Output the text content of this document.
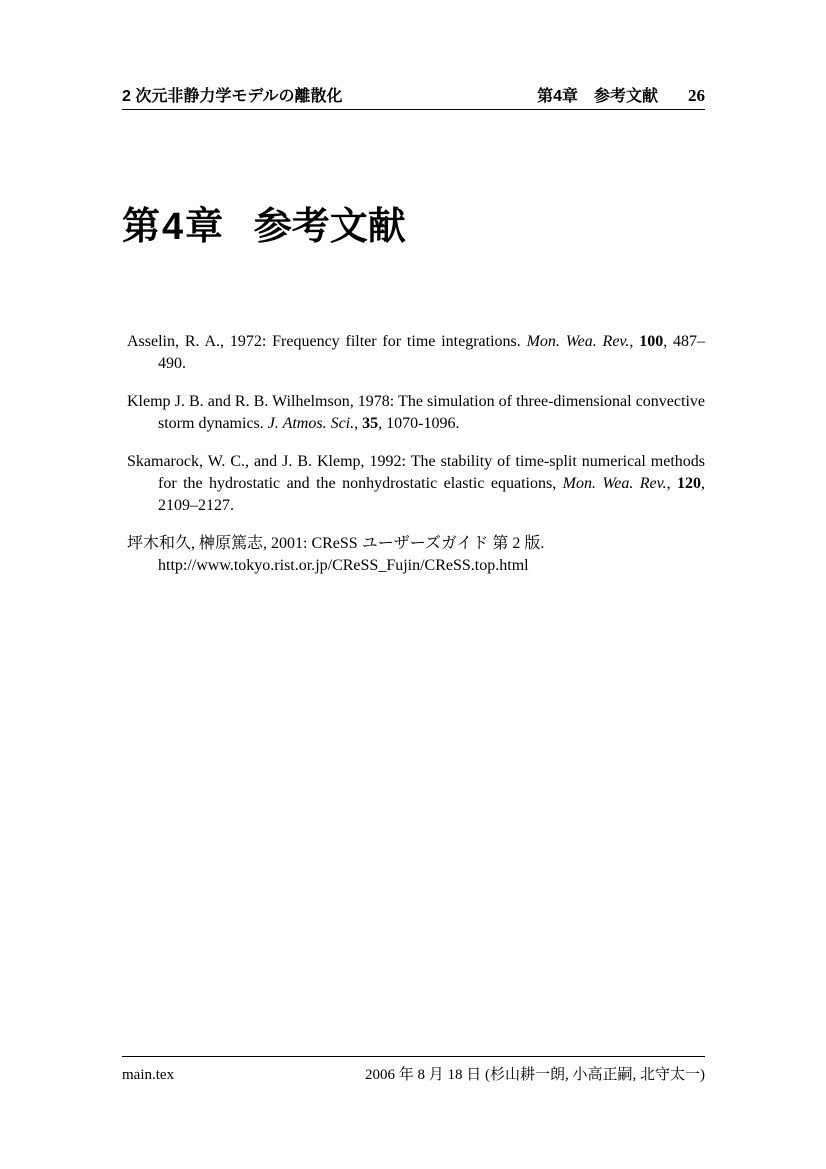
2 次元非静力学モデルの離散化	第4章　参考文献 26
第4章 参考文献
Asselin, R. A., 1972: Frequency filter for time integrations. Mon. Wea. Rev., 100, 487–490.
Klemp J. B. and R. B. Wilhelmson, 1978: The simulation of three-dimensional convective storm dynamics. J. Atmos. Sci., 35, 1070-1096.
Skamarock, W. C., and J. B. Klemp, 1992: The stability of time-split numerical methods for the hydrostatic and the nonhydrostatic elastic equations, Mon. Wea. Rev., 120, 2109–2127.
坪木和久, 榊原篤志, 2001: CReSS ユーザーズガイド 第 2 版.
http://www.tokyo.rist.or.jp/CReSS_Fujin/CReSS.top.html
main.tex	2006 年 8 月 18 日 (杉山耕一朗, 小高正嗣, 北守太一)
